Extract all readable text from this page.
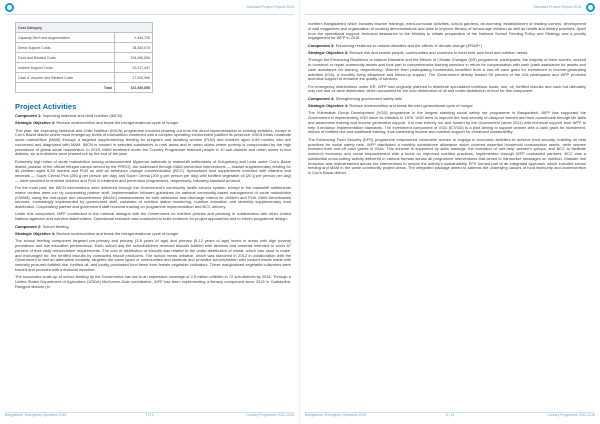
Standard Project Report 2015
Cost Category	
Capacity Dev't and Augmentation	9,446,706
Direct Support Costs	38,463,078
Food and Related Costs	234,096,656
Indirect Support Costs	22,017,447
Cash & Voucher and Related Costs	17,925,969
Total	321,949,856
Project Activities

Component 1: Improving maternal and child nutrition (IMCN)

Strategic Objective 4: Reduce undernutrition and break the intergenerational cycle of hunger

This year, the Improving Maternal and Child Nutrition (IMCN) programme involved phasing out from the direct implementation of existing activities, except in Cox's Bazar district where most emergency levels of malnutrition combined with a complex operating environment justified its presence. IMCN treats moderate acute malnutrition (MAM) through a targeted supplementary feeding for pregnant and lactating women (PLW) and children aged 6-59 months who are concerned and diagnosed with MAM. IMCN is housed in selected subdistricts in rural areas and in urban slums where poverty is compounded by the high prevalence of global acute malnutrition. In 2015, MAM treatment under the Country Programme reached people in 10 sub-districts and urban slums in four districts; six sub-districts were phased out by the end of the year.

Extremely high rates of acute malnutrition among undocumented Myanmar nationals in makeshift settlements of Kutupalong and Leda under Cox's Bazar district (outside of the official refugee camps served by the PRRO), are addressed through MAM prevention interventions — blanket supplementary feeding for all children aged 6-59 months and PLW as well as behaviour change communication (BCC). Specialized food supplements enriched with vitamins and minerals — Super Cereal Plus (250 g per person per day) and Super Cereal (200 g per person per day) with fortified vegetable oil (20 g per person per day) — were provided to enrolled children and PLW in treatment and prevention programmes, respectively, following standard protocol.

For the most part, the IMCN interventions were delivered through the Government's community health service system, except in the makeshift settlements where centres were run by cooperating partner staff. Implementation followed guidelines for national community-based management of acute malnutrition (CMAM), using the mid-upper arm circumference (MUAC) measurements for both admission and discharge criteria for children and PLW. MAM beneficiaries services, increasingly implemented by government staff, consisted of nutrition status monitoring, nutrition education and biweekly supplementary food distribution. Cooperating partner and government staff received training on programme implementation and BCC delivery.

Under this component, WFP contributed to the national dialogue with the Government on nutrition policies and planning in collaboration with other United Nations agencies and nutrition stakeholders. Operational research was conducted to build evidence for project approaches and to inform programme design.

Component 2: School feeding

Strategic Objective 4: Reduce undernutrition and break the intergenerational cycle of hunger

The school feeding component targeted pre-primary and primary (3-5 years of age) and primary (5-12 years of age) levels in areas with high poverty prevalence and low education performance. Each school day the schoolchildren received biscuits fortified with vitamins and minerals intended to cover 67 percent of their daily micronutrient requirements. The cost of distribution of biscuits was related to the under-distribution of wheat, which was used to make, and exchanged for, the fortified biscuits by contracted biscuit producers. The school meals initiative, which was launched in 2012 in collaboration with the Government to test an alternative modality, targeted the same types of communities and students and provided schoolchildren with cooked meals made with centrally procured fortified rice, fortified oil, and locally purchased food items from female vegetable cultivators. These marginalized vegetable cultivators were trained and provided with a financial incentive.

The successful scale-up of school feeding by the Government has led to an impressive coverage of 2.5 million children in 72 sub-districts by 2016. Through a United States Department of Agriculture (USDA) McGovern-Dole contribution, WFP has been implementing a literacy component since 2015 in Gaibandha, Rangpur division (in

Bangladesh, Emergency Operation 2015	7 | 13	Country Programme 2012-2016
Standard Project Report 2015

northern Bangladesh) which includes teacher trainings, extra-curricular activities, school gardens, de-worming, establishment of reading corners, development of wall magazines and organization of cooking demonstrations and aims to improve literacy of school-age children as well as health and dietary practices. Apart from the operational support, technical assistance to the Ministry to initiate preparation of the National School Feeding Policy and Strategy was a priority engagement for WFP in 2015.

Component 3: Enhancing resilience to natural disasters and the effects of climate change (ER&R+)

Strategic Objective 3: Reduce risk and enable people, communities and countries to meet their own food and nutrition needs.

Through the Enhancing Resilience to Natural Disasters and the Effects of Climate Changes (ER) programme, participants, the majority of them women, worked to construct or repair community assets and took part in comprehensive training sessions in return for compensation with cash (cash assistance for assets and cash assistance for training, respectively). Women from participating households benefited from a one-off cash grant for investment in income-generating activities (IGA), a monthly living allowance and follow-up support. The Government directly funded 95 percent of the IGA participants and WFP provided technical support to enhance the quality of services.

For emergency distributions under ER, WFP had originally planned to distribute specialized nutritious foods, rice, oil, fortified biscuits and cash but ultimately only rice and oil were distributed, which accounted for the over-distribution of oil and under-distribution of food for this component.

Component 4: Strengthening government safety nets

Strategic Objective 4: Reduce undernutrition and break the inter-generational cycle of hunger

The Vulnerable Group Development (VGD) programme is the longest standing social safety net programme in Bangladesh. WFP has supported the Government in implementing VGD since its initiation in 1976. VGD aims to improve the food security of ultrapoor women and their households through life skills and awareness training and income generation support. It is now entirely run and funded by the Government (since 2011) with technical support from WFP to help it enhance implementation standards. The investment component of VGD (ICVGD) is a pilot aiming to support women with a cash grant for investment, rations of fortified rice and additional training, thus combining income and nutrition support for enhanced sustainability.

The Enhancing Food Security (EFS) programme empowered vulnerable women to engage in economic activities to achieve food security, building on best practices for social safety nets. WFP distributed a monthly subsistence allowance which covered essential household consumption needs, while women invested their one-off cash grants in IGAs. This scheme is supported by skills trainings, the formation of 'self-help' women's groups, and BCC to facilitate women's economic and social empowerment with a focus on improved nutrition practices, implemented through WFP contracted partners. BCC was a substantial cross-cutting activity delivered in various formats across all programme interventions that aimed to harmonize messages on nutrition. Disaster risk reduction was mainstreamed across the interventions to ensure the activity's sustainability. EFS formed part of an integrated approach, which included school feeding and MAM in the same community project areas. The integrated package aimed to address the underlying causes of food insecurity and undernutrition in Cox's Bazar district.

Bangladesh, Emergency Operation 2015	8 | 13	Country Programme 2012-2016
